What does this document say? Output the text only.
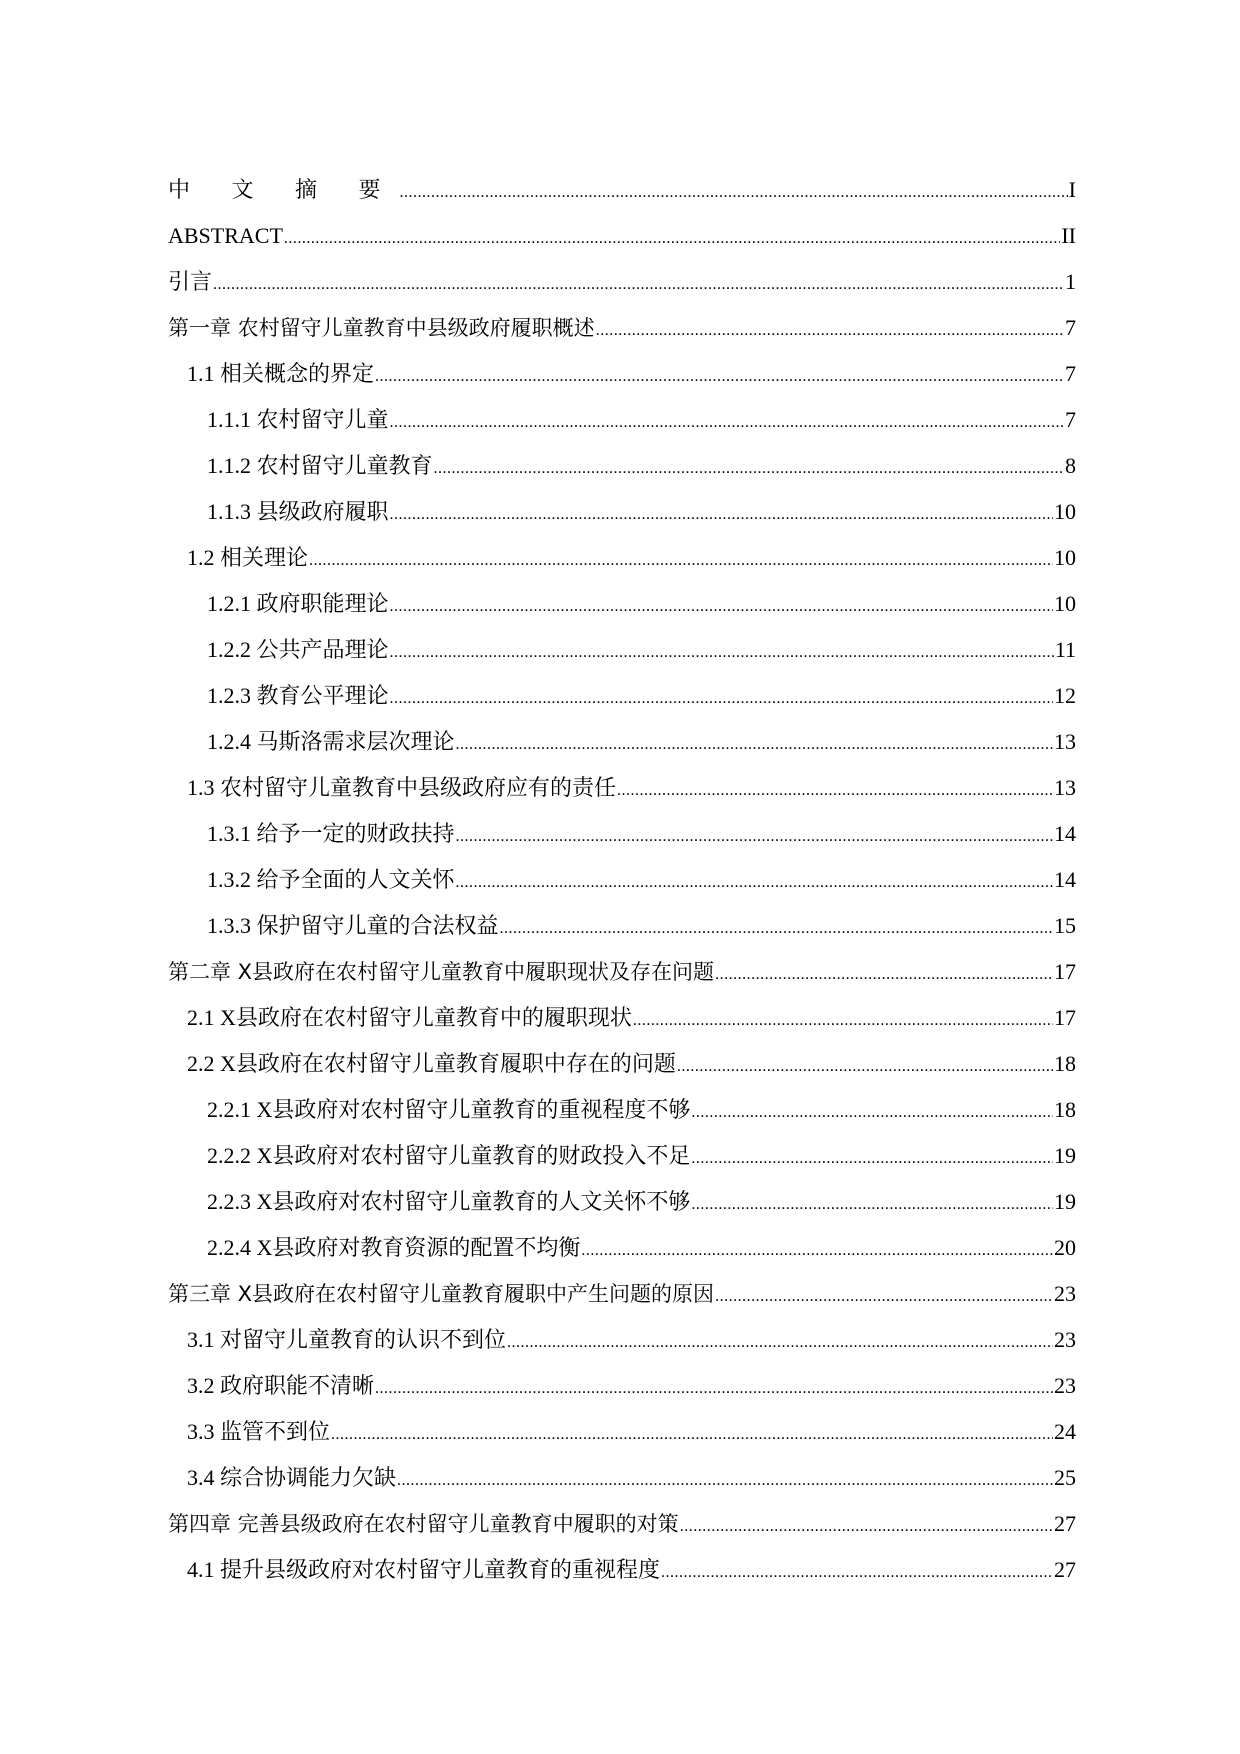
中 文 摘 要 .....	I
ABSTRACT .....	II
引言 .....	1
第一章 农村留守儿童教育中县级政府履职概述 .....	7
1.1 相关概念的界定 .....	7
1.1.1 农村留守儿童 .....	7
1.1.2 农村留守儿童教育 .....	8
1.1.3 县级政府履职 .....	10
1.2 相关理论 .....	10
1.2.1 政府职能理论 .....	10
1.2.2 公共产品理论 .....	11
1.2.3 教育公平理论 .....	12
1.2.4 马斯洛需求层次理论 .....	13
1.3 农村留守儿童教育中县级政府应有的责任 .....	13
1.3.1 给予一定的财政扶持 .....	14
1.3.2 给予全面的人文关怀 .....	14
1.3.3 保护留守儿童的合法权益 .....	15
第二章 X县政府在农村留守儿童教育中履职现状及存在问题 .....	17
2.1 X县政府在农村留守儿童教育中的履职现状 .....	17
2.2 X县政府在农村留守儿童教育履职中存在的问题 .....	18
2.2.1 X县政府对农村留守儿童教育的重视程度不够 .....	18
2.2.2 X县政府对农村留守儿童教育的财政投入不足 .....	19
2.2.3 X县政府对农村留守儿童教育的人文关怀不够 .....	19
2.2.4 X县政府对教育资源的配置不均衡 .....	20
第三章 X县政府在农村留守儿童教育履职中产生问题的原因 .....	23
3.1 对留守儿童教育的认识不到位 .....	23
3.2 政府职能不清晰 .....	23
3.3 监管不到位 .....	24
3.4 综合协调能力欠缺 .....	25
第四章 完善县级政府在农村留守儿童教育中履职的对策 .....	27
4.1 提升县级政府对农村留守儿童教育的重视程度 .....	27
